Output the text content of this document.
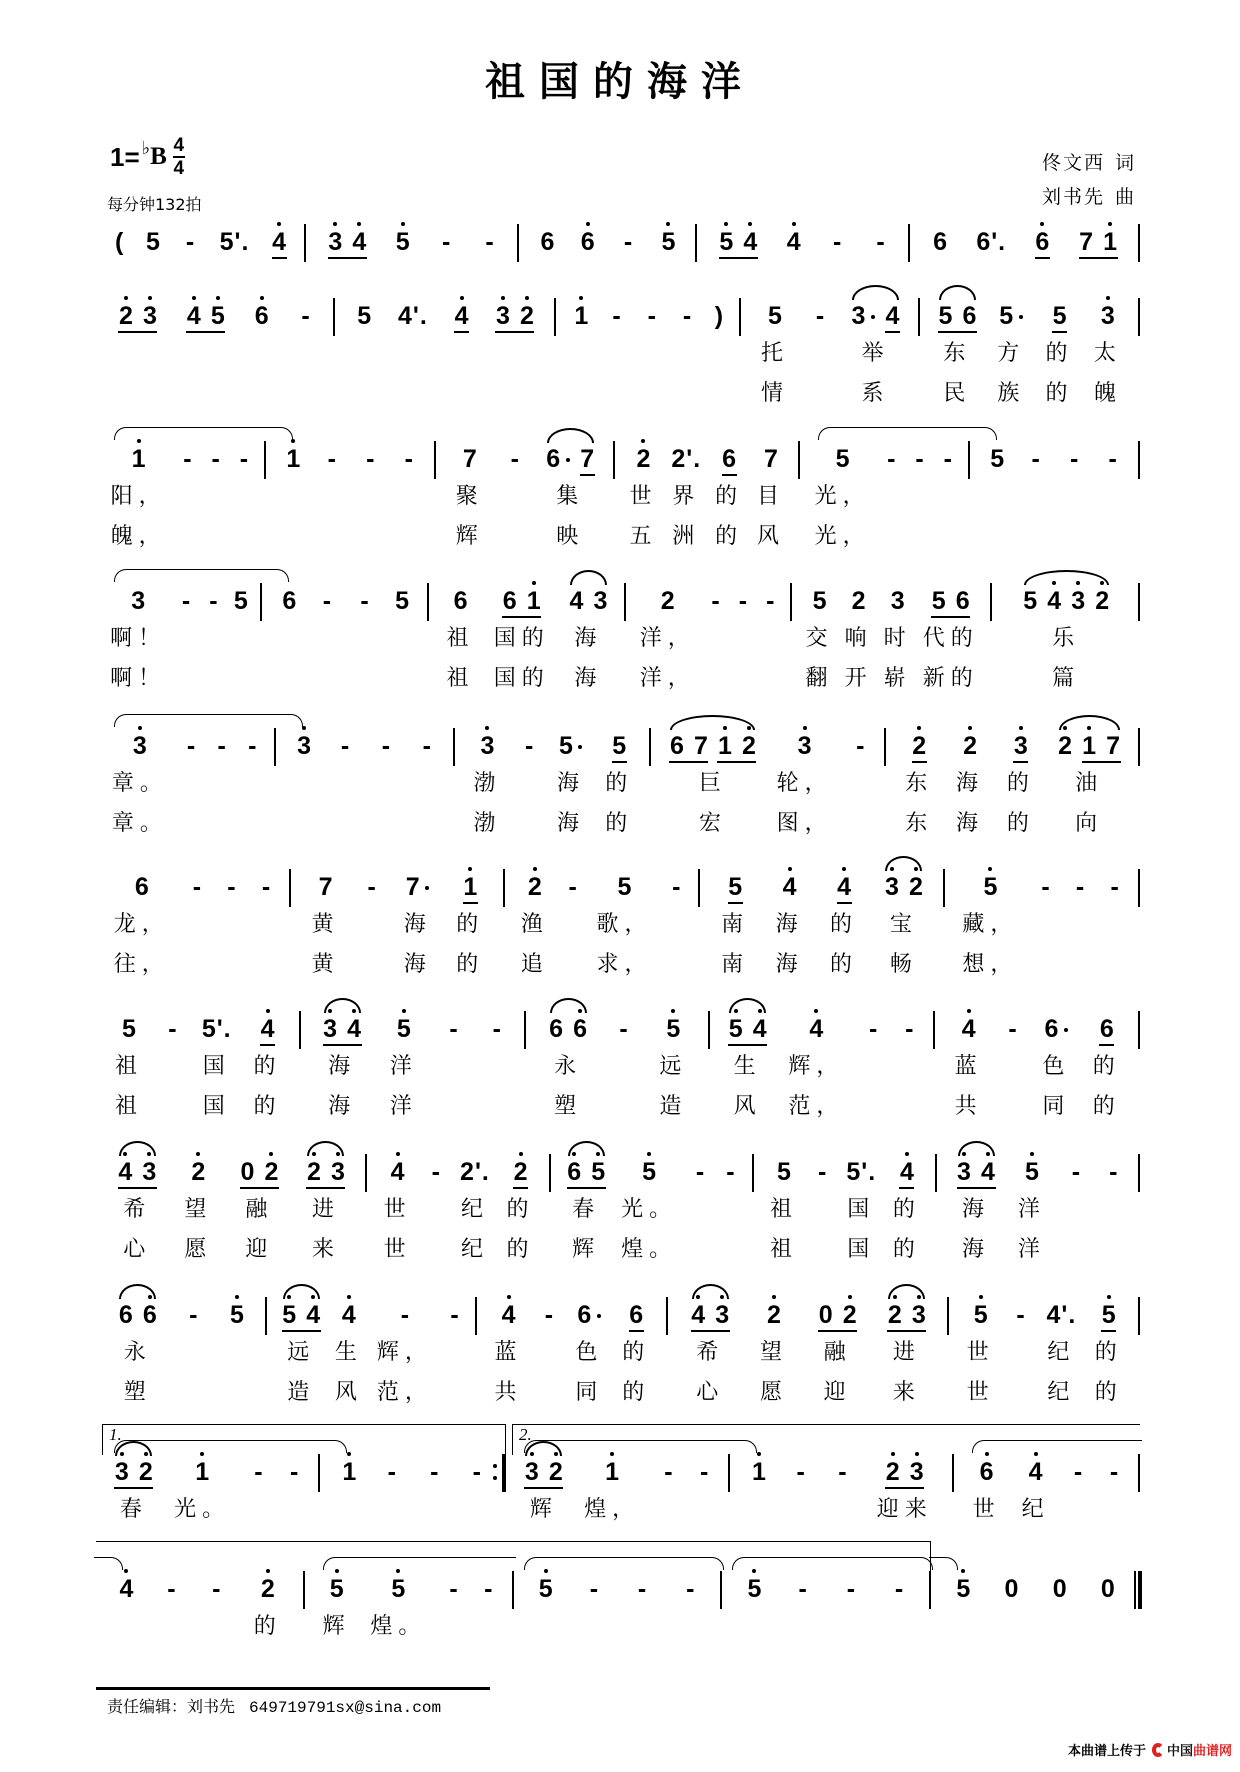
祖国的海洋
1= ♭ B 4
4
每分钟132拍
佟文西 词
刘书先 曲
( 5 - 5'. 4 3 4 5 - - 6 6 - 5 5 4 4 - - 6 6'. 6 7 1
2 3 4 5 6 - 5 4'. 4 3 2 1 - - - ) 5
托
情
- 3 4
举
系
5 6
东
民
5
方
族
5
的
的
3
太
魄
1
阳，
魄，
- - - 1 - - - 7
聚
辉
- 6 7
集
映
2
世
五
2'.
界
洲
6
的
的
7
目
风
5
光，
光，
- - - 5 - - -
3
啊！
啊！
- - 5 6 - - 5 6
祖
祖
6 1
国的
国的
4 3
海
海
2
洋，
洋，
- - - 5
交
翻
2
响
开
3
时
崭
5 6
代的
新的
5 4 3 2
乐
篇
3
章。
章。
- - - 3 - - - 3
渤
渤
- 5
海
海
5
的
的
6 7 1 2
巨
宏
3
轮，
图，
- 2
东
东
2
海
海
3
的
的
2 1 7
油
向
6
龙，
往，
- - - 7
黄
黄
- 7
海
海
1
的
的
2
渔
追
- 5
歌，
求，
- 5
南
南
4
海
海
4
的
的
3 2
宝
畅
5
藏，
想，
- - -
5
祖
祖
- 5'.
国
国
4
的
的
3 4
海
海
5
洋
洋
- - 6 6
永
塑
- 5
远
造
5 4
生
风
4
辉，
范，
- - 4
蓝
共
- 6
色
同
6
的
的
4 3
希
心
2
望
愿
0 2
融
迎
2 3
进
来
4
世
世
- 2'.
纪
纪
2
的
的
6 5
春
辉
5
光。
煌。
- - 5
祖
祖
- 5'.
国
国
4
的
的
3 4
海
海
5
洋
洋
- -
6 6
永
塑
- 5 5 4
远
造
4
生
风
-
辉，
范，
- 4
蓝
共
- 6
色
同
6
的
的
4 3
希
心
2
望
愿
0 2
融
迎
2 3
进
来
5
世
世
- 4'.
纪
纪
5
的
的
3 2
春
1
光。
- -
1.
1 - - - 3 2
辉
1
煌，
- -
2.
1 - - 2 3
迎来
6
世
4
纪
- -
4 - - 2
的
5
辉
5
煌。
- - 5 - - - 5 - - - 5 0 0 0
责任编辑：刘书先 649719791sx@sina.com
本曲谱上传于 中国 曲谱网
